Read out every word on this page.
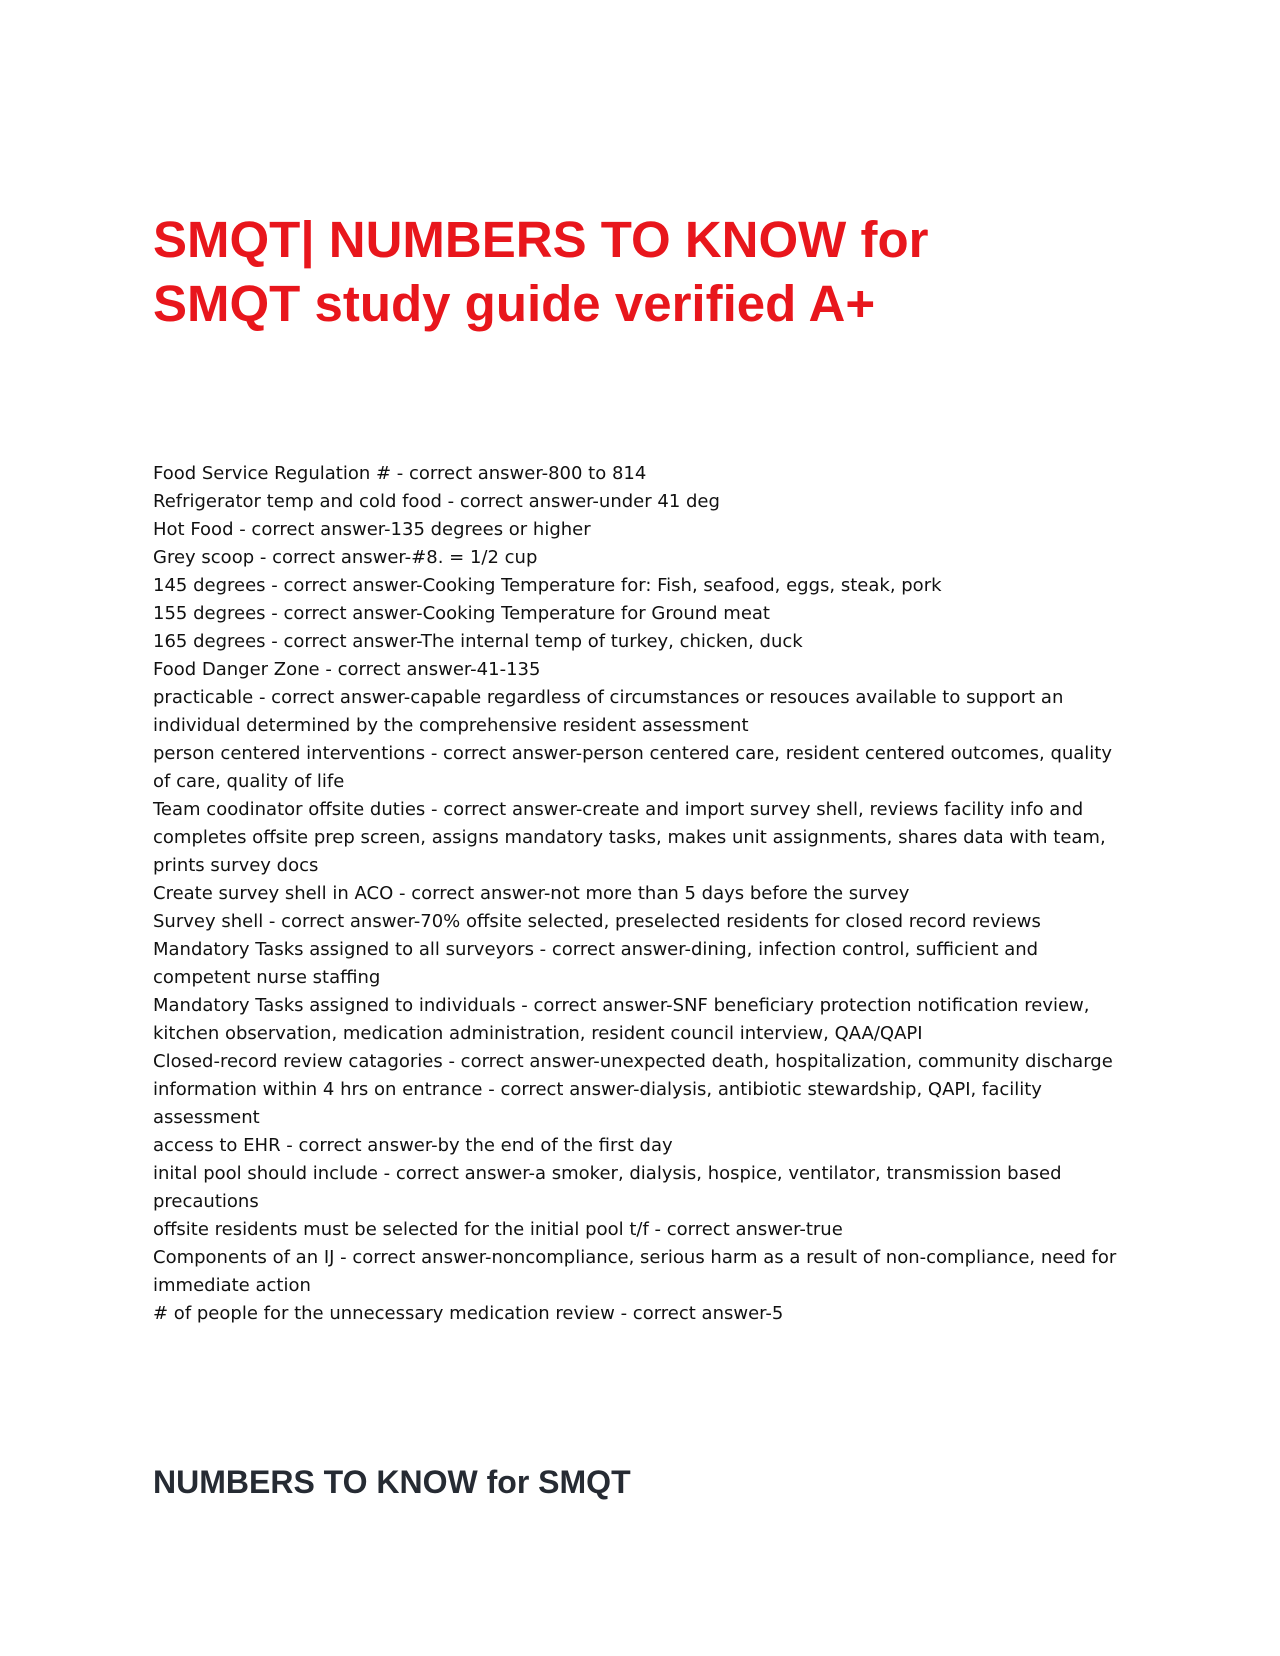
SMQT| NUMBERS TO KNOW for
SMQT study guide verified A+
Food Service Regulation # - correct answer-800 to 814
Refrigerator temp and cold food - correct answer-under 41 deg
Hot Food - correct answer-135 degrees or higher
Grey scoop - correct answer-#8. = 1/2 cup
145 degrees - correct answer-Cooking Temperature for: Fish, seafood, eggs, steak, pork
155 degrees - correct answer-Cooking Temperature for Ground meat
165 degrees - correct answer-The internal temp of turkey, chicken, duck
Food Danger Zone - correct answer-41-135
practicable - correct answer-capable regardless of circumstances or resouces available to support an individual determined by the comprehensive resident assessment
person centered interventions - correct answer-person centered care, resident centered outcomes, quality of care, quality of life
Team coodinator offsite duties - correct answer-create and import survey shell, reviews facility info and completes offsite prep screen, assigns mandatory tasks, makes unit assignments, shares data with team, prints survey docs
Create survey shell in ACO - correct answer-not more than 5 days before the survey
Survey shell - correct answer-70% offsite selected, preselected residents for closed record reviews
Mandatory Tasks assigned to all surveyors - correct answer-dining, infection control, sufficient and competent nurse staffing
Mandatory Tasks assigned to individuals - correct answer-SNF beneficiary protection notification review, kitchen observation, medication administration, resident council interview, QAA/QAPI
Closed-record review catagories - correct answer-unexpected death, hospitalization, community discharge
information within 4 hrs on entrance - correct answer-dialysis, antibiotic stewardship, QAPI, facility assessment
access to EHR - correct answer-by the end of the first day
inital pool should include - correct answer-a smoker, dialysis, hospice, ventilator, transmission based precautions
offsite residents must be selected for the initial pool t/f - correct answer-true
Components of an IJ - correct answer-noncompliance, serious harm as a result of non-compliance, need for immediate action
# of people for the unnecessary medication review - correct answer-5
NUMBERS TO KNOW for SMQT
